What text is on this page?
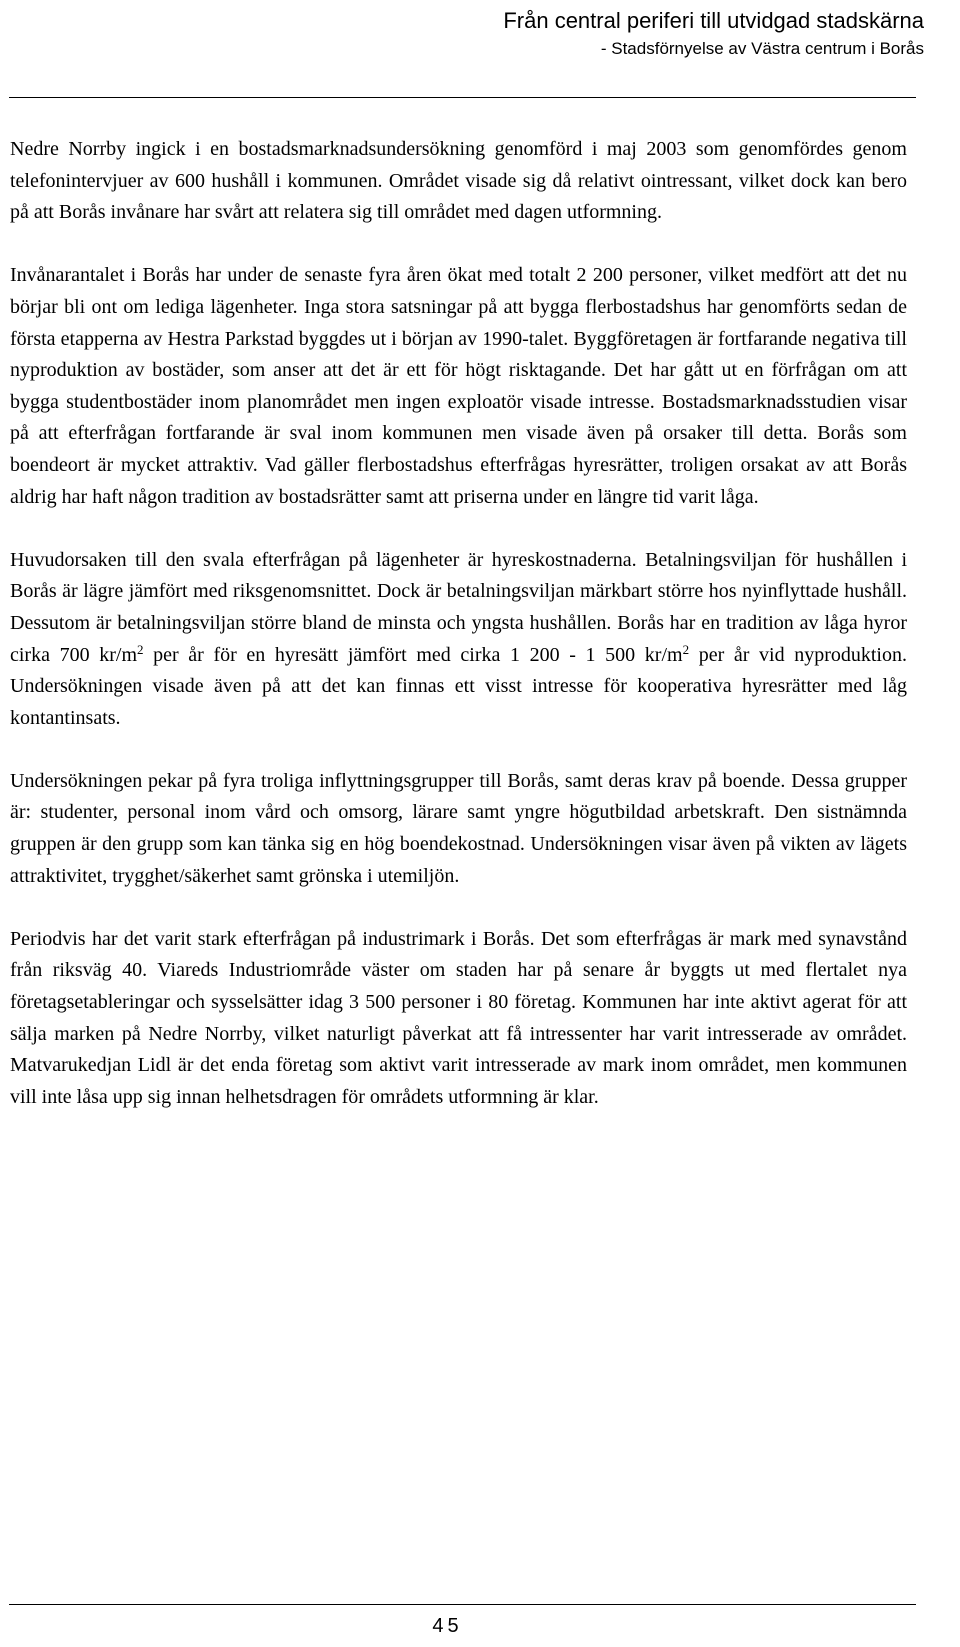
Från central periferi till utvidgad stadskärna
- Stadsförnyelse av Västra centrum i Borås

Nedre Norrby ingick i en bostadsmarknadsundersökning genomförd i maj 2003 som genomfördes genom telefonintervjuer av 600 hushåll i kommunen. Området visade sig då relativt ointressant, vilket dock kan bero på att Borås invånare har svårt att relatera sig till området med dagen utformning.

Invånarantalet i Borås har under de senaste fyra åren ökat med totalt 2 200 personer, vilket medfört att det nu börjar bli ont om lediga lägenheter. Inga stora satsningar på att bygga flerbostadshus har genomförts sedan de första etapperna av Hestra Parkstad byggdes ut i början av 1990-talet. Byggföretagen är fortfarande negativa till nyproduktion av bostäder, som anser att det är ett för högt risktagande. Det har gått ut en förfrågan om att bygga studentbostäder inom planområdet men ingen exploatör visade intresse. Bostadsmarknadsstudien visar på att efterfrågan fortfarande är sval inom kommunen men visade även på orsaker till detta. Borås som boendeort är mycket attraktiv. Vad gäller flerbostadshus efterfrågas hyresrätter, troligen orsakat av att Borås aldrig har haft någon tradition av bostadsrätter samt att priserna under en längre tid varit låga.

Huvudorsaken till den svala efterfrågan på lägenheter är hyreskostnaderna. Betalningsviljan för hushållen i Borås är lägre jämfört med riksgenomsnittet. Dock är betalningsviljan märkbart större hos nyinflyttade hushåll. Dessutom är betalningsviljan större bland de minsta och yngsta hushållen. Borås har en tradition av låga hyror cirka 700 $kr/m^2$ per år för en hyresätt jämfört med cirka 1 200 - 1 500 $kr/m^2$ per år vid nyproduktion. Undersökningen visade även på att det kan finnas ett visst intresse för kooperativa hyresrätter med låg kontantinsats.

Undersökningen pekar på fyra troliga inflyttningsgrupper till Borås, samt deras krav på boende. Dessa grupper är: studenter, personal inom vård och omsorg, lärare samt yngre högutbildad arbetskraft. Den sistnämnda gruppen är den grupp som kan tänka sig en hög boendekostnad. Undersökningen visar även på vikten av lägets attraktivitet, trygghet/säkerhet samt grönska i utemiljön.

Periodvis har det varit stark efterfrågan på industrimark i Borås. Det som efterfrågas är mark med synavstånd från riksväg 40. Viareds Industriområde väster om staden har på senare år byggts ut med flertalet nya företagsetableringar och sysselsätter idag 3 500 personer i 80 företag. Kommunen har inte aktivt agerat för att sälja marken på Nedre Norrby, vilket naturligt påverkat att få intressenter har varit intresserade av området. Matvarukedjan Lidl är det enda företag som aktivt varit intresserade av mark inom området, men kommunen vill inte låsa upp sig innan helhetsdragen för områdets utformning är klar.

45
